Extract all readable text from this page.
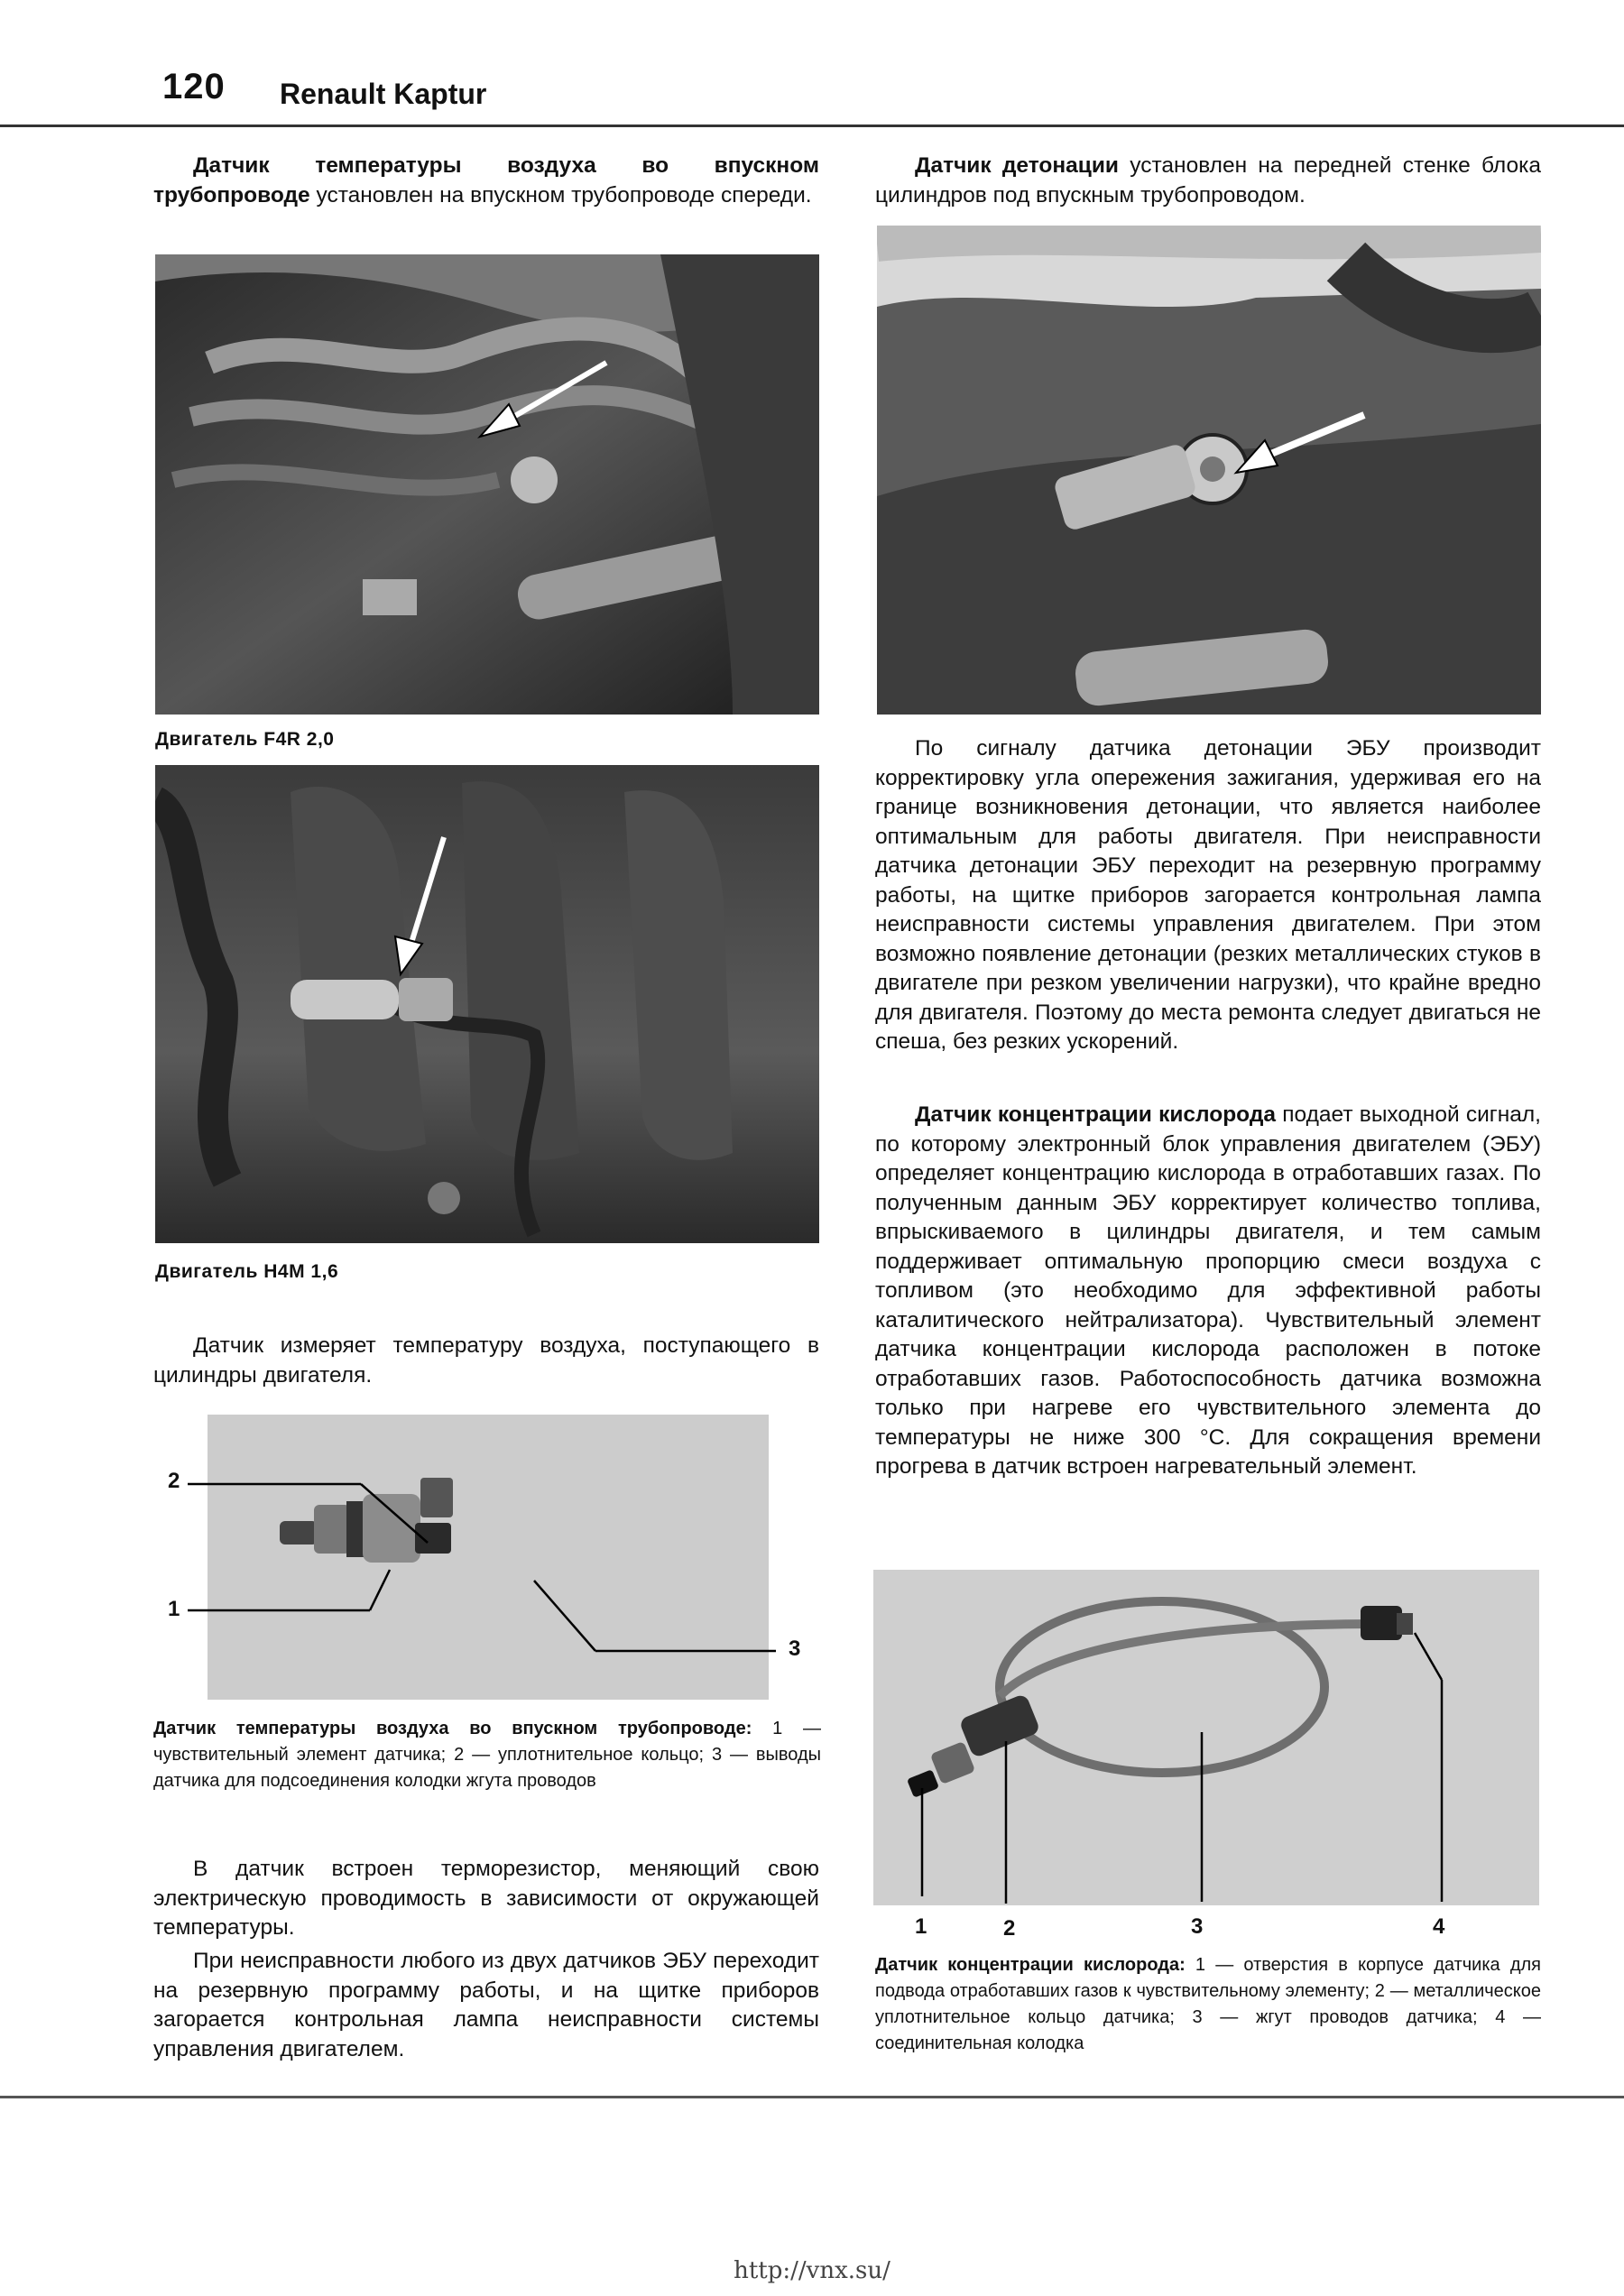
120 Renault Kaptur

Датчик температуры воздуха во впускном трубопроводе установлен на впускном трубопроводе спереди.

Двигатель F4R 2,0

Двигатель H4M 1,6

Датчик измеряет температуру воздуха, поступающего в цилиндры двигателя.

2
1
3

Датчик температуры воздуха во впускном трубопроводе: 1 — чувствительный элемент датчика; 2 — уплотнительное кольцо; 3 — выводы датчика для подсоединения колодки жгута проводов

В датчик встроен терморезистор, меняющий свою электрическую проводимость в зависимости от окружающей температуры.

При неисправности любого из двух датчиков ЭБУ переходит на резервную программу работы, и на щитке приборов загорается контрольная лампа неисправности системы управления двигателем.

Датчик детонации установлен на передней стенке блока цилиндров под впускным трубопроводом.

По сигналу датчика детонации ЭБУ производит корректировку угла опережения зажигания, удерживая его на границе возникновения детонации, что является наиболее оптимальным для работы двигателя. При неисправности датчика детонации ЭБУ переходит на резервную программу работы, на щитке приборов загорается контрольная лампа неисправности системы управления двигателем. При этом возможно появление детонации (резких металлических стуков в двигателе при резком увеличении нагрузки), что крайне вредно для двигателя. Поэтому до места ремонта следует двигаться не спеша, без резких ускорений.

Датчик концентрации кислорода подает выходной сигнал, по которому электронный блок управления двигателем (ЭБУ) определяет концентрацию кислорода в отработавших газах. По полученным данным ЭБУ корректирует количество топлива, впрыскиваемого в цилиндры двигателя, и тем самым поддерживает оптимальную пропорцию смеси воздуха с топливом (это необходимо для эффективной работы каталитического нейтрализатора). Чувствительный элемент датчика концентрации кислорода расположен в потоке отработавших газов. Работоспособность датчика возможна только при нагреве его чувствительного элемента до температуры не ниже 300 °С. Для сокращения времени прогрева в датчик встроен нагревательный элемент.

1	2	3	4

Датчик концентрации кислорода: 1 — отверстия в корпусе датчика для подвода отработавших газов к чувствительному элементу; 2 — металлическое уплотнительное кольцо датчика; 3 — жгут проводов датчика; 4 — соединительная колодка

http://vnx.su/
